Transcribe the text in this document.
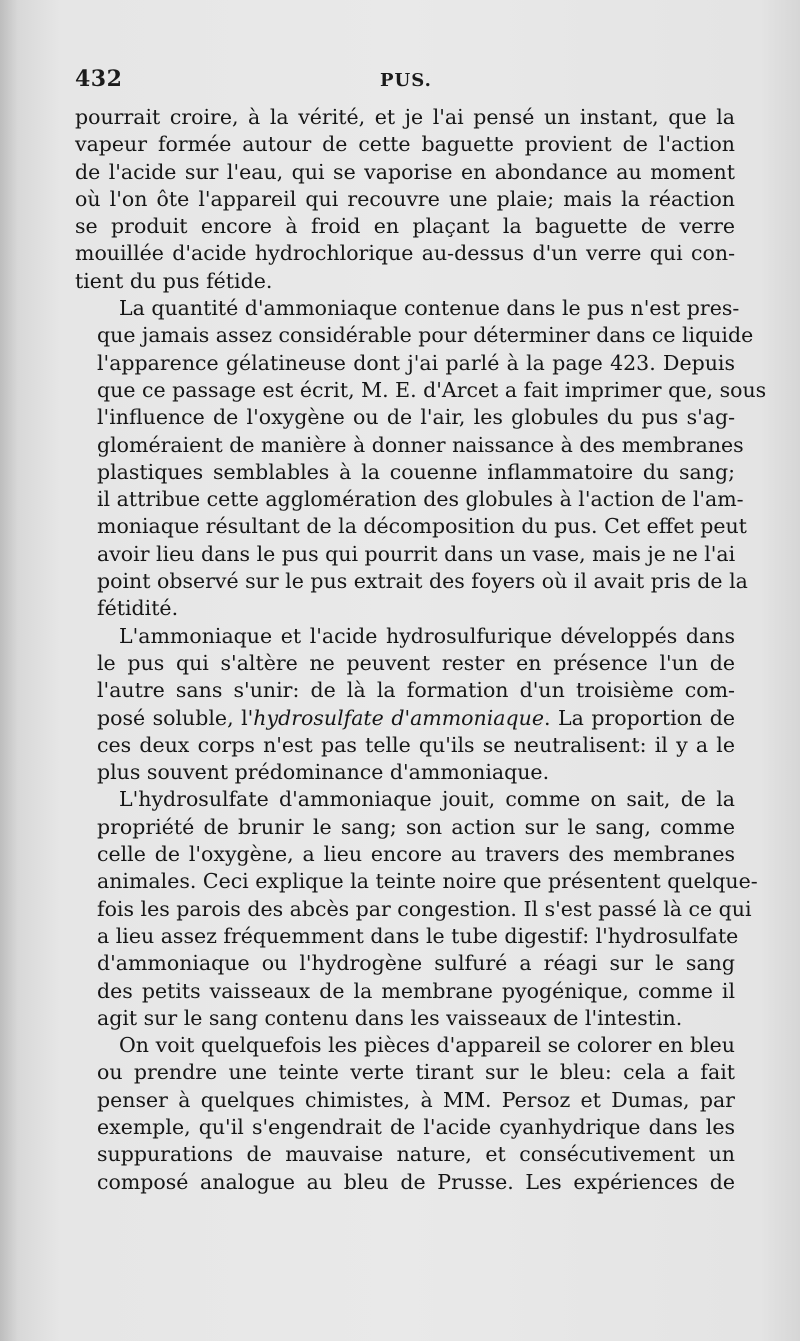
432	PUS.

pourrait croire, à la vérité, et je l'ai pensé un instant, que la
vapeur formée autour de cette baguette provient de l'action
de l'acide sur l'eau, qui se vaporise en abondance au moment
où l'on ôte l'appareil qui recouvre une plaie; mais la réaction
se produit encore à froid en plaçant la baguette de verre
mouillée d'acide hydrochlorique au-dessus d'un verre qui con-
tient du pus fétide.

La quantité d'ammoniaque contenue dans le pus n'est pres-
que jamais assez considérable pour déterminer dans ce liquide
l'apparence gélatineuse dont j'ai parlé à la page 423. Depuis
que ce passage est écrit, M. E. d'Arcet a fait imprimer que, sous
l'influence de l'oxygène ou de l'air, les globules du pus s'ag-
gloméraient de manière à donner naissance à des membranes
plastiques semblables à la couenne inflammatoire du sang;
il attribue cette agglomération des globules à l'action de l'am-
moniaque résultant de la décomposition du pus. Cet effet peut
avoir lieu dans le pus qui pourrit dans un vase, mais je ne l'ai
point observé sur le pus extrait des foyers où il avait pris de la
fétidité.

L'ammoniaque et l'acide hydrosulfurique développés dans
le pus qui s'altère ne peuvent rester en présence l'un de
l'autre sans s'unir: de là la formation d'un troisième com-
posé soluble, l'hydrosulfate d'ammoniaque. La proportion de
ces deux corps n'est pas telle qu'ils se neutralisent: il y a le
plus souvent prédominance d'ammoniaque.

L'hydrosulfate d'ammoniaque jouit, comme on sait, de la
propriété de brunir le sang; son action sur le sang, comme
celle de l'oxygène, a lieu encore au travers des membranes
animales. Ceci explique la teinte noire que présentent quelque-
fois les parois des abcès par congestion. Il s'est passé là ce qui
a lieu assez fréquemment dans le tube digestif: l'hydrosulfate
d'ammoniaque ou l'hydrogène sulfuré a réagi sur le sang
des petits vaisseaux de la membrane pyogénique, comme il
agit sur le sang contenu dans les vaisseaux de l'intestin.

On voit quelquefois les pièces d'appareil se colorer en bleu
ou prendre une teinte verte tirant sur le bleu: cela a fait
penser à quelques chimistes, à MM. Persoz et Dumas, par
exemple, qu'il s'engendrait de l'acide cyanhydrique dans les
suppurations de mauvaise nature, et consécutivement un
composé analogue au bleu de Prusse. Les expériences de
